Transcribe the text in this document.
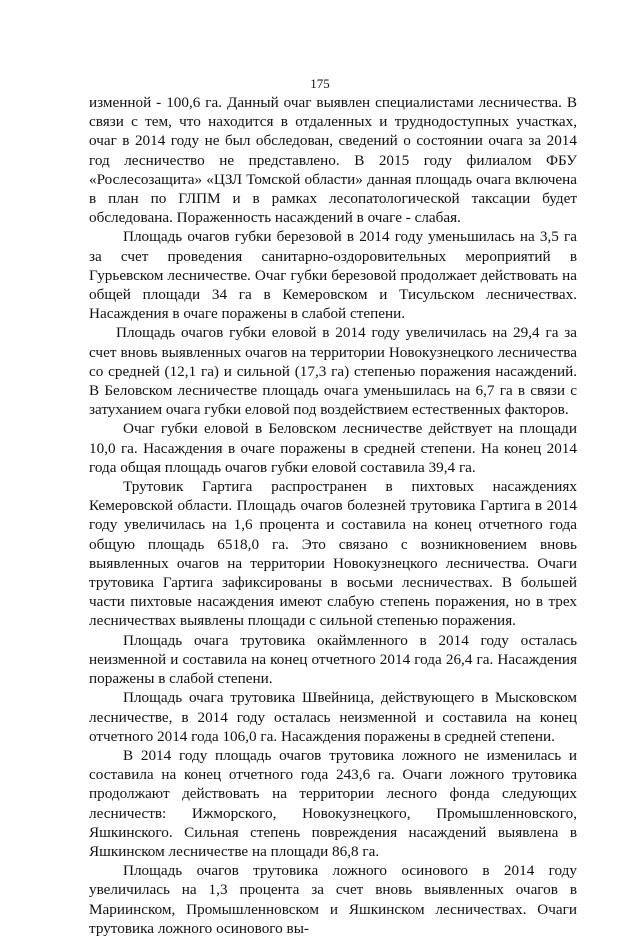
175

изменной - 100,6 га. Данный очаг выявлен специалистами лесничества. В связи с тем, что находится в отдаленных и труднодоступных участках, очаг в 2014 году не был обследован, сведений о состоянии очага за 2014 год лесничество не представлено. В 2015 году филиалом ФБУ «Рослесозащита» «ЦЗЛ Томской области» данная площадь очага включена в план по ГЛПМ и в рамках лесопатологической таксации будет обследована. Пораженность насаждений в очаге - слабая.

Площадь очагов губки березовой в 2014 году уменьшилась на 3,5 га за счет проведения санитарно-оздоровительных мероприятий в Гурьевском лесничестве. Очаг губки березовой продолжает действовать на общей площади 34 га в Кемеровском и Тисульском лесничествах. Насаждения в очаге поражены в слабой степени.

Площадь очагов губки еловой в 2014 году увеличилась на 29,4 га за счет вновь выявленных очагов на территории Новокузнецкого лесничества со средней (12,1 га) и сильной (17,3 га) степенью поражения насаждений. В Беловском лесничестве площадь очага уменьшилась на 6,7 га в связи с затуханием очага губки еловой под воздействием естественных факторов.

Очаг губки еловой в Беловском лесничестве действует на площади 10,0 га. Насаждения в очаге поражены в средней степени. На конец 2014 года общая площадь очагов губки еловой составила 39,4 га.

Трутовик Гартига распространен в пихтовых насаждениях Кемеровской области. Площадь очагов болезней трутовика Гартига в 2014 году увеличилась на 1,6 процента и составила на конец отчетного года общую площадь 6518,0 га. Это связано с возникновением вновь выявленных очагов на территории Новокузнецкого лесничества. Очаги трутовика Гартига зафиксированы в восьми лесничествах. В большей части пихтовые насаждения имеют слабую степень поражения, но в трех лесничествах выявлены площади с сильной степенью поражения.

Площадь очага трутовика окаймленного в 2014 году осталась неизменной и составила на конец отчетного 2014 года 26,4 га. Насаждения поражены в слабой степени.

Площадь очага трутовика Швейница, действующего в Мысковском лесничестве, в 2014 году осталась неизменной и составила на конец отчетного 2014 года 106,0 га. Насаждения поражены в средней степени.

В 2014 году площадь очагов трутовика ложного не изменилась и составила на конец отчетного года 243,6 га. Очаги ложного трутовика продолжают действовать на территории лесного фонда следующих лесничеств: Ижморского, Новокузнецкого, Промышленновского, Яшкинского. Сильная степень повреждения насаждений выявлена в Яшкинском лесничестве на площади 86,8 га.

Площадь очагов трутовика ложного осинового в 2014 году увеличилась на 1,3 процента за счет вновь выявленных очагов в Мариинском, Промышленновском и Яшкинском лесничествах. Очаги трутовика ложного осинового вы-
